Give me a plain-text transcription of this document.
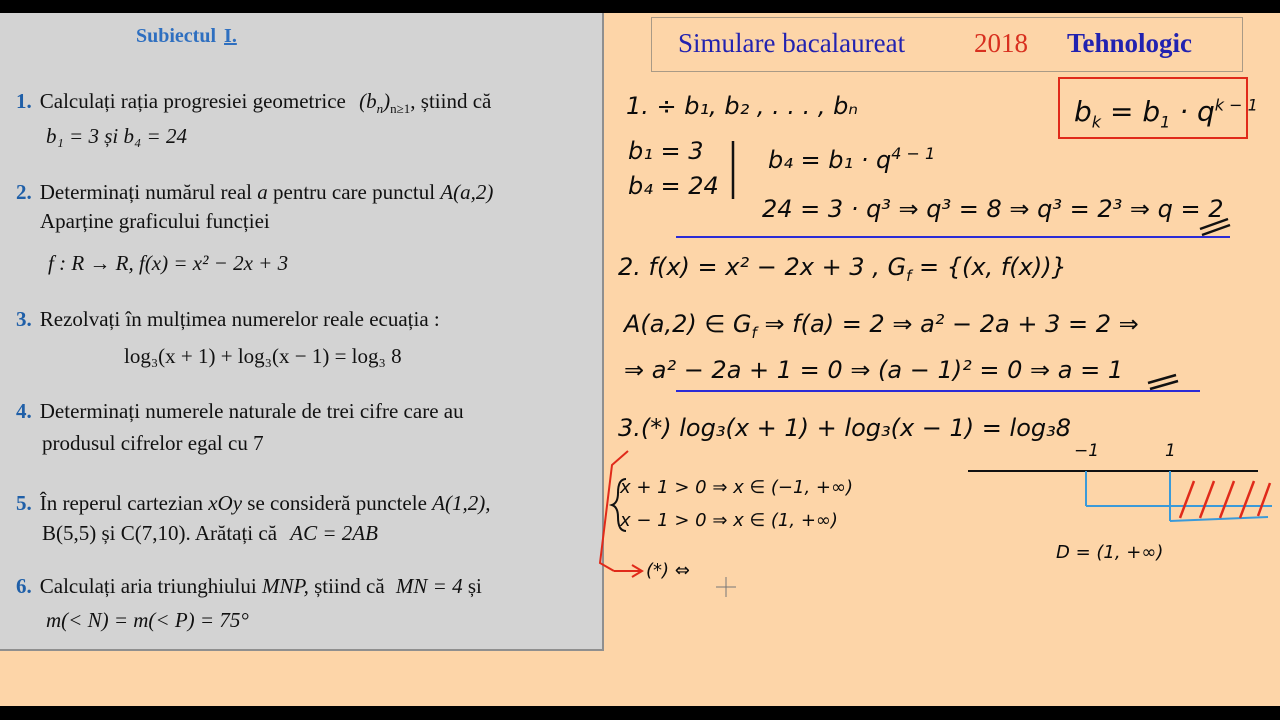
Subiectul I.
1. Calculați rația progresiei geometrice $(b_n)_{n\ge 1}$, știind că
b₁ = 3 și b₄ = 24
2. Determinați numărul real a pentru care punctul A(a,2)
Aparține graficului funcției
f : R → R, f(x) = x² − 2x + 3
3. Rezolvați în mulțimea numerelor reale ecuația :
log₃(x + 1) + log₃(x − 1) = log₃ 8
4. Determinați numerele naturale de trei cifre care au
produsul cifrelor egal cu 7
5. În reperul cartezian xOy se consideră punctele A(1,2),
B(5,5) și C(7,10). Arătați că AC = 2AB
6. Calculați aria triunghiului MNP, știind că MN = 4 și
m(< N) = m(< P) = 75°
Simulare bacalaureat	2018 Tehnologic
$b_k = b_1 \cdot q^{k - 1}$
1. ÷ b₁, b₂ , . . . , bₙ
b₁ = 3
b₄ = 24
$b_4 = b_1 \cdot q^{4 - 1}$
24 = 3 · q³ ⇒ q³ = 8 ⇒ q³ = 2³ ⇒ q = 2
2. f(x) = x² − 2x + 3 , $G_f = \{(x$, f(x))}
A(a,2) ∈ $G_f$ ⇒ f(a) = 2 ⇒ a² − 2a + 3 = 2 ⇒
⇒ a² − 2a + 1 = 0 ⇒ (a − 1)² = 0 ⇒ a = 1
3.(*) log₃(x + 1) + log₃(x − 1) = log₃8
x + 1 > 0 ⇒ x ∈ (−1, +∞)
x − 1 > 0 ⇒ x ∈ (1, +∞)
(*) ⇔
−1	1
D = (1, +∞)
